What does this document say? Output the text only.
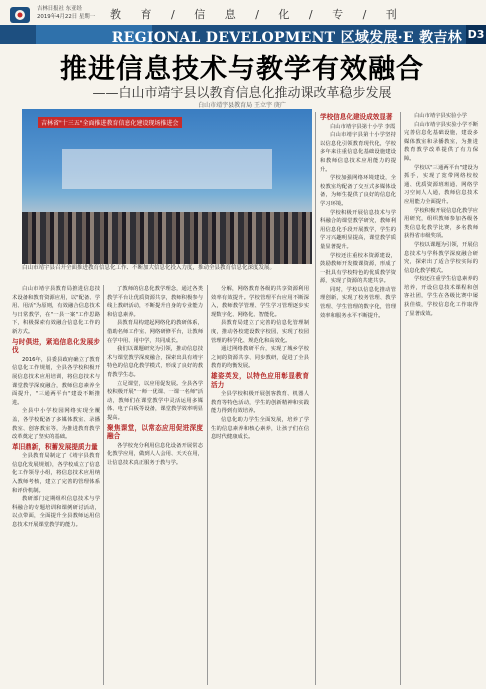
吉林日报社 东亚经
2019年4月22日 星期一 教 育 / 信 息 / 化 / 专 / 刊
REGIONAL DEVELOPMENT 区域发展·E 教吉林 D3
推进信息技术与教学有效融合
——白山市靖宇县以教育信息化推动课改革稳步发展
白山市靖宇县教育局 王立宇 庚广
吉林省"十三五"全面推进教育信息化建设现场推进会
白山市靖宇县召开全面推进教育信息化工作、不断加大信息化投入力度，推动全县教育信息化深度发展。

白山市靖宇县教育局推进信息技术设备和教育资源应用，以"配备、学用、用活"为原则，有效融合信息技术与日常教学，在"一县一案"工作思路下，积极探索有效融合信息化工作的新方式。

与时俱进，紧追信息化发展步伐

2016年，县委县政府确立了教育信息化工作规划，全县各学校积极开展信息技术应用培训，将信息技术与课堂教学深度融合，教师信息素养全面提升，"三通两平台"建设不断推进。

全县中小学校园网络实现全覆盖，各学校配备了多媒体教室、录播教室、创客教室等，为推进教育教学改革奠定了坚实的基础。

革旧鼎新，积蓄发展提质力量

全县教育局制定了《靖宇县教育信息化发展规划》，各学校成立了信息化工作领导小组，将信息技术应用纳入教师考核，建立了完善的管理体系和评价机制。

教研部门定期组织信息技术与学科融合的专题培训和课例研讨活动，以点带面，全面提升全县教师运用信息技术开展课堂教学的能力。

了教师的信息化教学理念，通过各类教学平台让优质资源共享，教师积极参与线上教研活动，不断提升自身的专业能力和信息素养。

县教育局构建起网络化的教研体系，借助名师工作室、网络研修平台，让教师在学中用、用中学，共同成长。

我们以课题研究为引领，推动信息技术与课堂教学深度融合，探索出具有靖宇特色的信息化教学模式，形成了良好的教育教学生态。

立足课堂，以应用促发展。全县各学校积极开展"一师一优课、一课一名师"活动，教师们在课堂教学中灵活运用多媒体、电子白板等设备，课堂教学效率明显提高。

聚焦课堂，以常态应用促进深度融合

各学校充分利用信息化设备开展常态化教学应用，做到人人会用、天天在用，让信息技术真正服务于教与学。

分解，网络教育各级的共享资源利用效率有效提升。学校管理平台应用不断深入，教师教学管理、学生学习管理逐步实现数字化、网络化、智能化。

县教育局建立了完善的信息化管理制度，推动各校建设数字校园，实现了校园管理的科学化、规范化和高效化。

通过网络教研平台，实现了城乡学校之间的资源共享、同步教研，促进了全县教育的均衡发展。

雄姿英发，以特色应用彰显教育活力

全县学校积极开展创客教育、机器人教育等特色活动，学生的创新精神和实践能力得到有效培养。

信息化助力学生全面发展，培养了学生的信息素养和核心素养，让孩子们在信息时代健康成长。

学校信息化建设成效显著

白山市靖宇县第十小学 李霞

白山市靖宇县第十小学坚持以信息化引领教育现代化，学校多年来注重信息化基础设施建设和教师信息技术应用能力的提升。

学校加强网络环境建设，全校教室均配备了交互式多媒体设备，为师生提供了良好的信息化学习环境。

学校积极开展信息技术与学科融合的课堂教学研究，教师利用信息化手段开展教学，学生的学习兴趣明显提高，课堂教学质量显著提升。

学校还注重校本资源建设，鼓励教师开发微课资源，形成了一批具有学校特色的优质教学资源，实现了资源的共建共享。

同时，学校以信息化推动管理创新，实现了校务管理、教学管理、学生管理的数字化，管理效率和服务水平不断提升。

白山市靖宇县实验小学

白山市靖宇县实验小学不断完善信息化基础设施，建设多媒体教室和录播教室，为推进教育教学改革提供了有力保障。

学校以"三通两平台"建设为抓手，实现了宽带网络校校通、优质资源班班通、网络学习空间人人通，教师信息技术应用能力全面提升。

学校积极开展信息化教学应用研究，组织教师参加各级各类信息化教学比赛，多名教师获得省市级奖项。

学校以课题为引领，开展信息技术与学科教学深度融合研究，探索出了适合学校实际的信息化教学模式。

学校还注重学生信息素养的培养，开设信息技术课程和创客社团，学生在各级比赛中屡获佳绩，学校信息化工作取得了显著成效。
